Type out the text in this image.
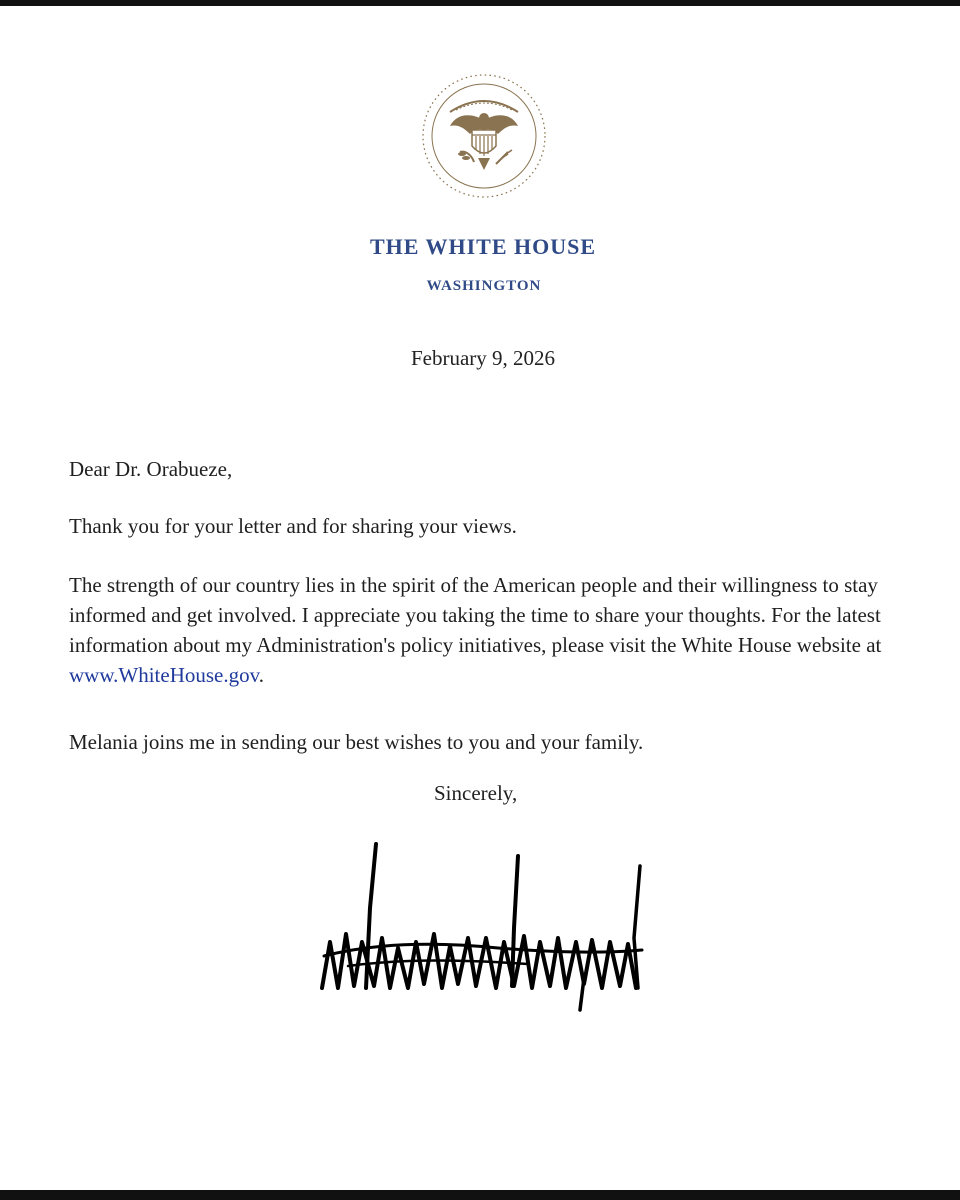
THE WHITE HOUSE
WASHINGTON
February 9, 2026
Dear Dr. Orabueze,
Thank you for your letter and for sharing your views.
The strength of our country lies in the spirit of the American people and their willingness to stay informed and get involved. I appreciate you taking the time to share your thoughts. For the latest information about my Administration's policy initiatives, please visit the White House website at www.WhiteHouse.gov.
Melania joins me in sending our best wishes to you and your family.
Sincerely,
